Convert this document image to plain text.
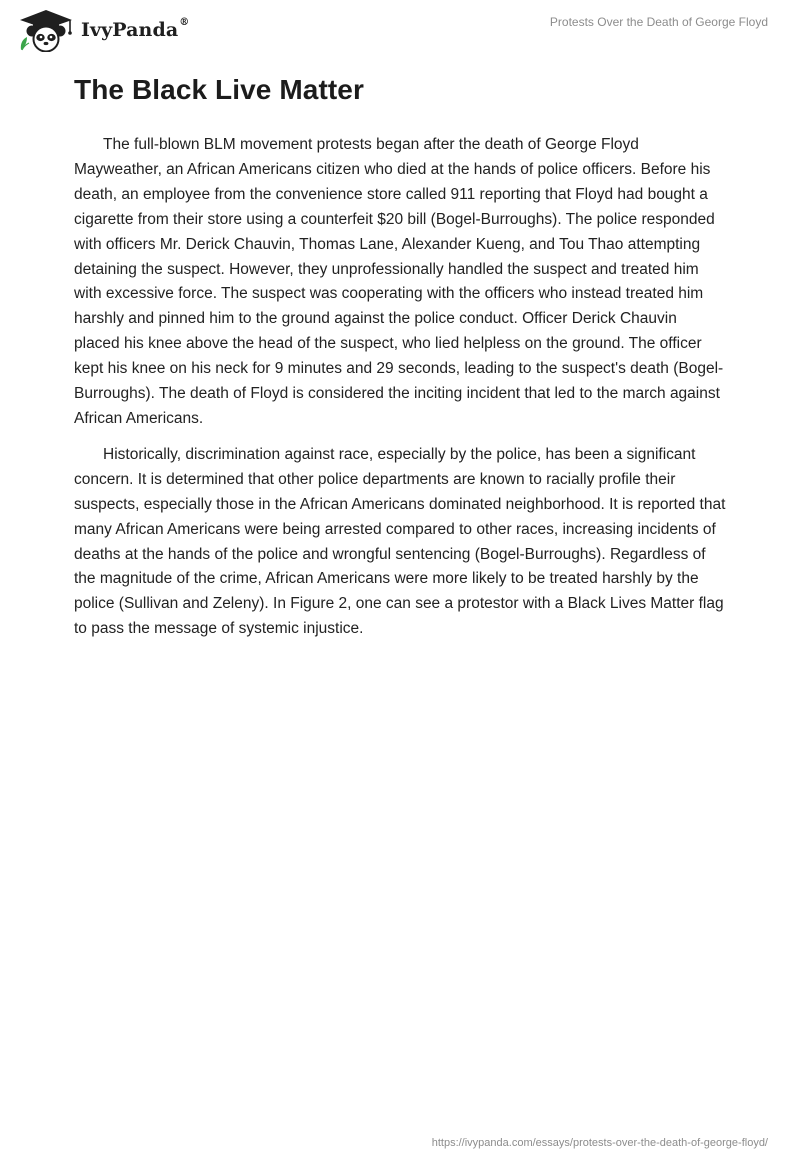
IvyPanda®	Protests Over the Death of George Floyd
The Black Live Matter

The full-blown BLM movement protests began after the death of George Floyd Mayweather, an African Americans citizen who died at the hands of police officers. Before his death, an employee from the convenience store called 911 reporting that Floyd had bought a cigarette from their store using a counterfeit $20 bill (Bogel-Burroughs). The police responded with officers Mr. Derick Chauvin, Thomas Lane, Alexander Kueng, and Tou Thao attempting detaining the suspect. However, they unprofessionally handled the suspect and treated him with excessive force. The suspect was cooperating with the officers who instead treated him harshly and pinned him to the ground against the police conduct. Officer Derick Chauvin placed his knee above the head of the suspect, who lied helpless on the ground. The officer kept his knee on his neck for 9 minutes and 29 seconds, leading to the suspect's death (Bogel-Burroughs). The death of Floyd is considered the inciting incident that led to the march against African Americans.

Historically, discrimination against race, especially by the police, has been a significant concern. It is determined that other police departments are known to racially profile their suspects, especially those in the African Americans dominated neighborhood. It is reported that many African Americans were being arrested compared to other races, increasing incidents of deaths at the hands of the police and wrongful sentencing (Bogel-Burroughs). Regardless of the magnitude of the crime, African Americans were more likely to be treated harshly by the police (Sullivan and Zeleny). In Figure 2, one can see a protestor with a Black Lives Matter flag to pass the message of systemic injustice.

https://ivypanda.com/essays/protests-over-the-death-of-george-floyd/
